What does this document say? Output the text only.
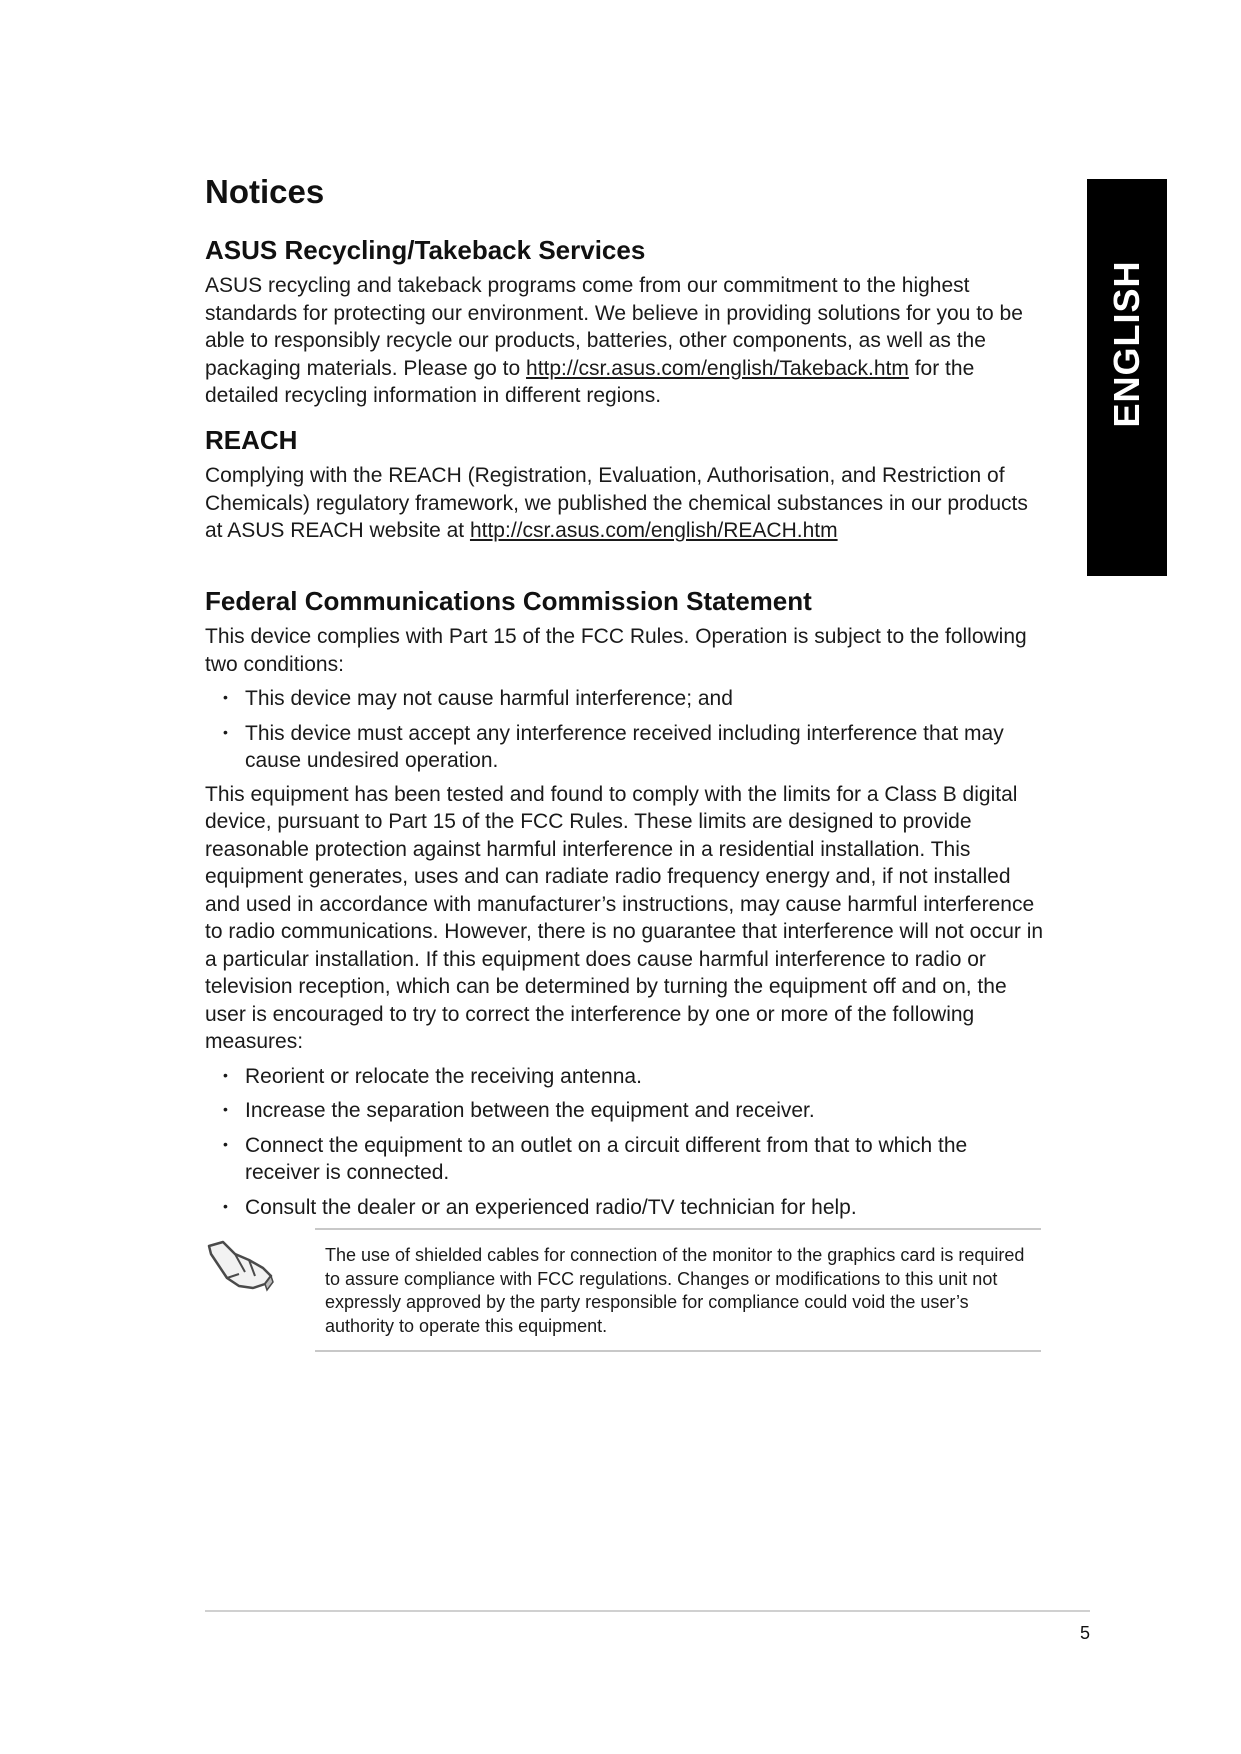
Notices
ASUS Recycling/Takeback Services

ASUS recycling and takeback programs come from our commitment to the highest standards for protecting our environment. We believe in providing solutions for you to be able to responsibly recycle our products, batteries, other components, as well as the packaging materials. Please go to http://csr.asus.com/english/Takeback.htm for the detailed recycling information in different regions.

REACH

Complying with the REACH (Registration, Evaluation, Authorisation, and Restriction of Chemicals) regulatory framework, we published the chemical substances in our products at ASUS REACH website at http://csr.asus.com/english/REACH.htm

Federal Communications Commission Statement

This device complies with Part 15 of the FCC Rules. Operation is subject to the following two conditions:

• This device may not cause harmful interference; and
• This device must accept any interference received including interference that may cause undesired operation.

This equipment has been tested and found to comply with the limits for a Class B digital device, pursuant to Part 15 of the FCC Rules. These limits are designed to provide reasonable protection against harmful interference in a residential installation. This equipment generates, uses and can radiate radio frequency energy and, if not installed and used in accordance with manufacturer’s instructions, may cause harmful interference to radio communications. However, there is no guarantee that interference will not occur in a particular installation. If this equipment does cause harmful interference to radio or television reception, which can be determined by turning the equipment off and on, the user is encouraged to try to correct the interference by one or more of the following measures:

• Reorient or relocate the receiving antenna.
• Increase the separation between the equipment and receiver.
• Connect the equipment to an outlet on a circuit different from that to which the receiver is connected.
• Consult the dealer or an experienced radio/TV technician for help.

The use of shielded cables for connection of the monitor to the graphics card is required to assure compliance with FCC regulations. Changes or modifications to this unit not expressly approved by the party responsible for compliance could void the user’s authority to operate this equipment.

ENGLISH
5
